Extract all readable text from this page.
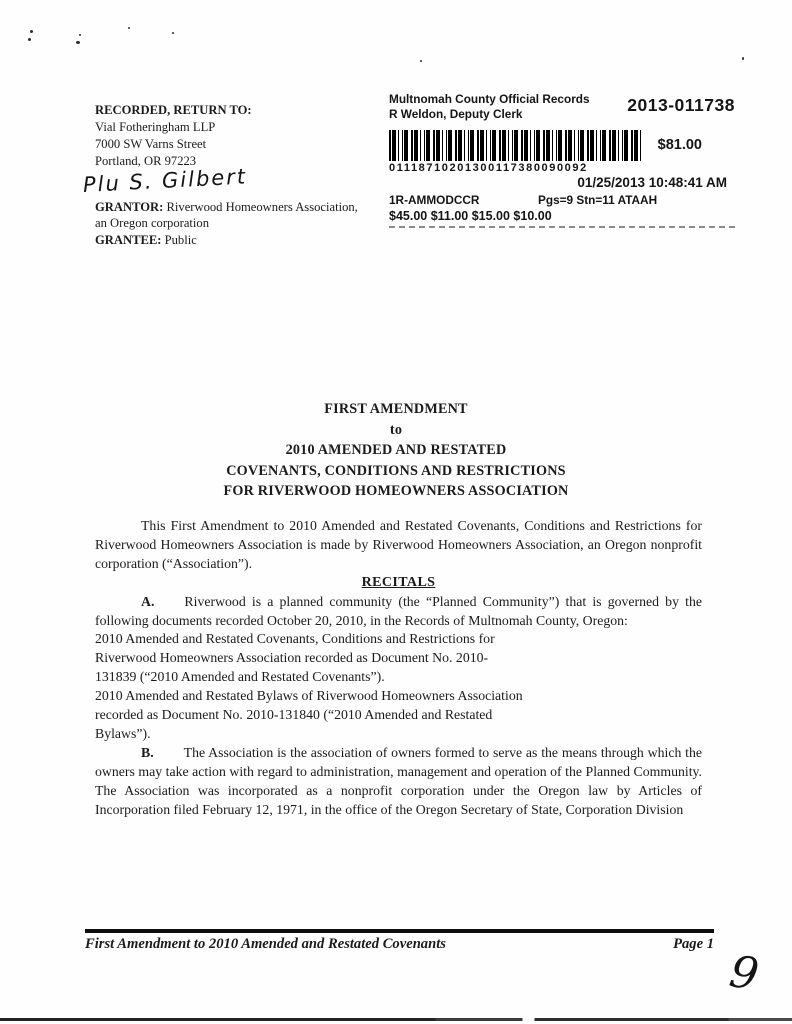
RECORDED, RETURN TO:
Vial Fotheringham LLP
7000 SW Varns Street
Portland, OR 97223
Plu S. Gilbert
GRANTOR: Riverwood Homeowners Association,
an Oregon corporation
GRANTEE: Public
Multnomah County Official Records
R Weldon, Deputy Clerk	2013-011738
$81.00
01118710201300117380090092
01/25/2013 10:48:41 AM
1R-AMMODCCR	Pgs=9 Stn=11 ATAAH
$45.00 $11.00 $15.00 $10.00
FIRST AMENDMENT
to
2010 AMENDED AND RESTATED
COVENANTS, CONDITIONS AND RESTRICTIONS
FOR RIVERWOOD HOMEOWNERS ASSOCIATION

This First Amendment to 2010 Amended and Restated Covenants, Conditions and Restrictions for Riverwood Homeowners Association is made by Riverwood Homeowners Association, an Oregon nonprofit corporation (“Association”).

RECITALS

A. Riverwood is a planned community (the “Planned Community”) that is governed by the following documents recorded October 20, 2010, in the Records of Multnomah County, Oregon:

2010 Amended and Restated Covenants, Conditions and Restrictions for Riverwood Homeowners Association recorded as Document No. 2010-131839 (“2010 Amended and Restated Covenants”).

2010 Amended and Restated Bylaws of Riverwood Homeowners Association recorded as Document No. 2010-131840 (“2010 Amended and Restated Bylaws”).

B. The Association is the association of owners formed to serve as the means through which the owners may take action with regard to administration, management and operation of the Planned Community. The Association was incorporated as a nonprofit corporation under the Oregon law by Articles of Incorporation filed February 12, 1971, in the office of the Oregon Secretary of State, Corporation Division

First Amendment to 2010 Amended and Restated Covenants	Page 1
9
